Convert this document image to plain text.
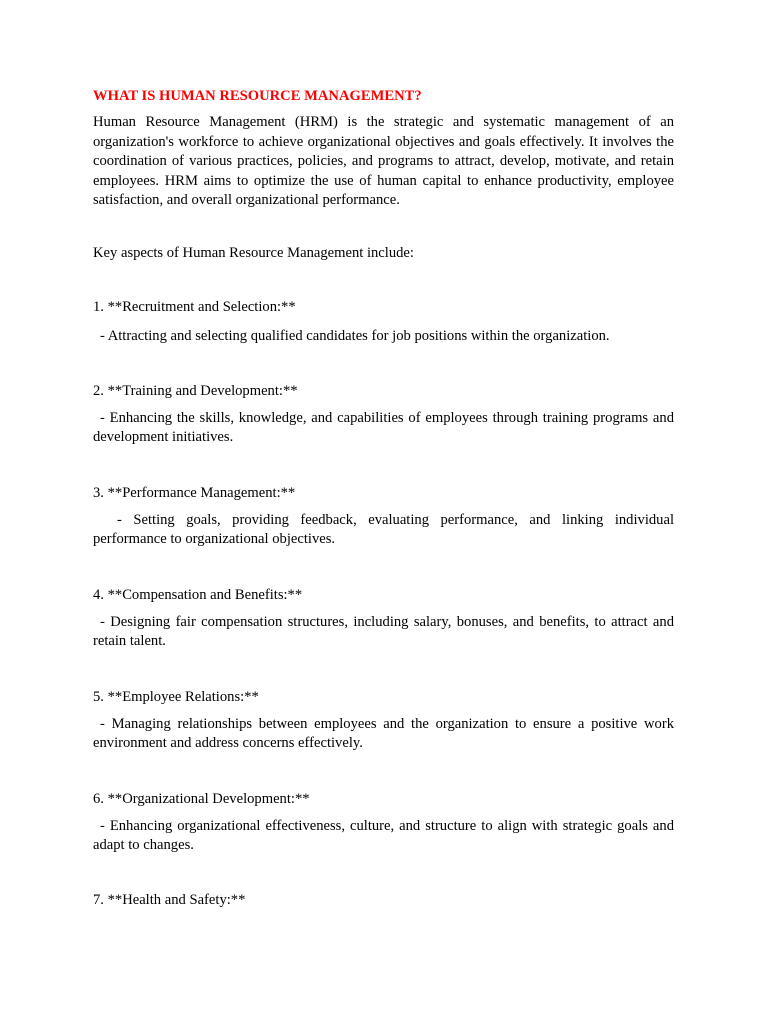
WHAT IS HUMAN RESOURCE MANAGEMENT?
Human Resource Management (HRM) is the strategic and systematic management of an organization's workforce to achieve organizational objectives and goals effectively. It involves the coordination of various practices, policies, and programs to attract, develop, motivate, and retain employees. HRM aims to optimize the use of human capital to enhance productivity, employee satisfaction, and overall organizational performance.
Key aspects of Human Resource Management include:
1. **Recruitment and Selection:**
- Attracting and selecting qualified candidates for job positions within the organization.
2. **Training and Development:**
- Enhancing the skills, knowledge, and capabilities of employees through training programs and development initiatives.
3. **Performance Management:**
- Setting goals, providing feedback, evaluating performance, and linking individual performance to organizational objectives.
4. **Compensation and Benefits:**
- Designing fair compensation structures, including salary, bonuses, and benefits, to attract and retain talent.
5. **Employee Relations:**
- Managing relationships between employees and the organization to ensure a positive work environment and address concerns effectively.
6. **Organizational Development:**
- Enhancing organizational effectiveness, culture, and structure to align with strategic goals and adapt to changes.
7. **Health and Safety:**
